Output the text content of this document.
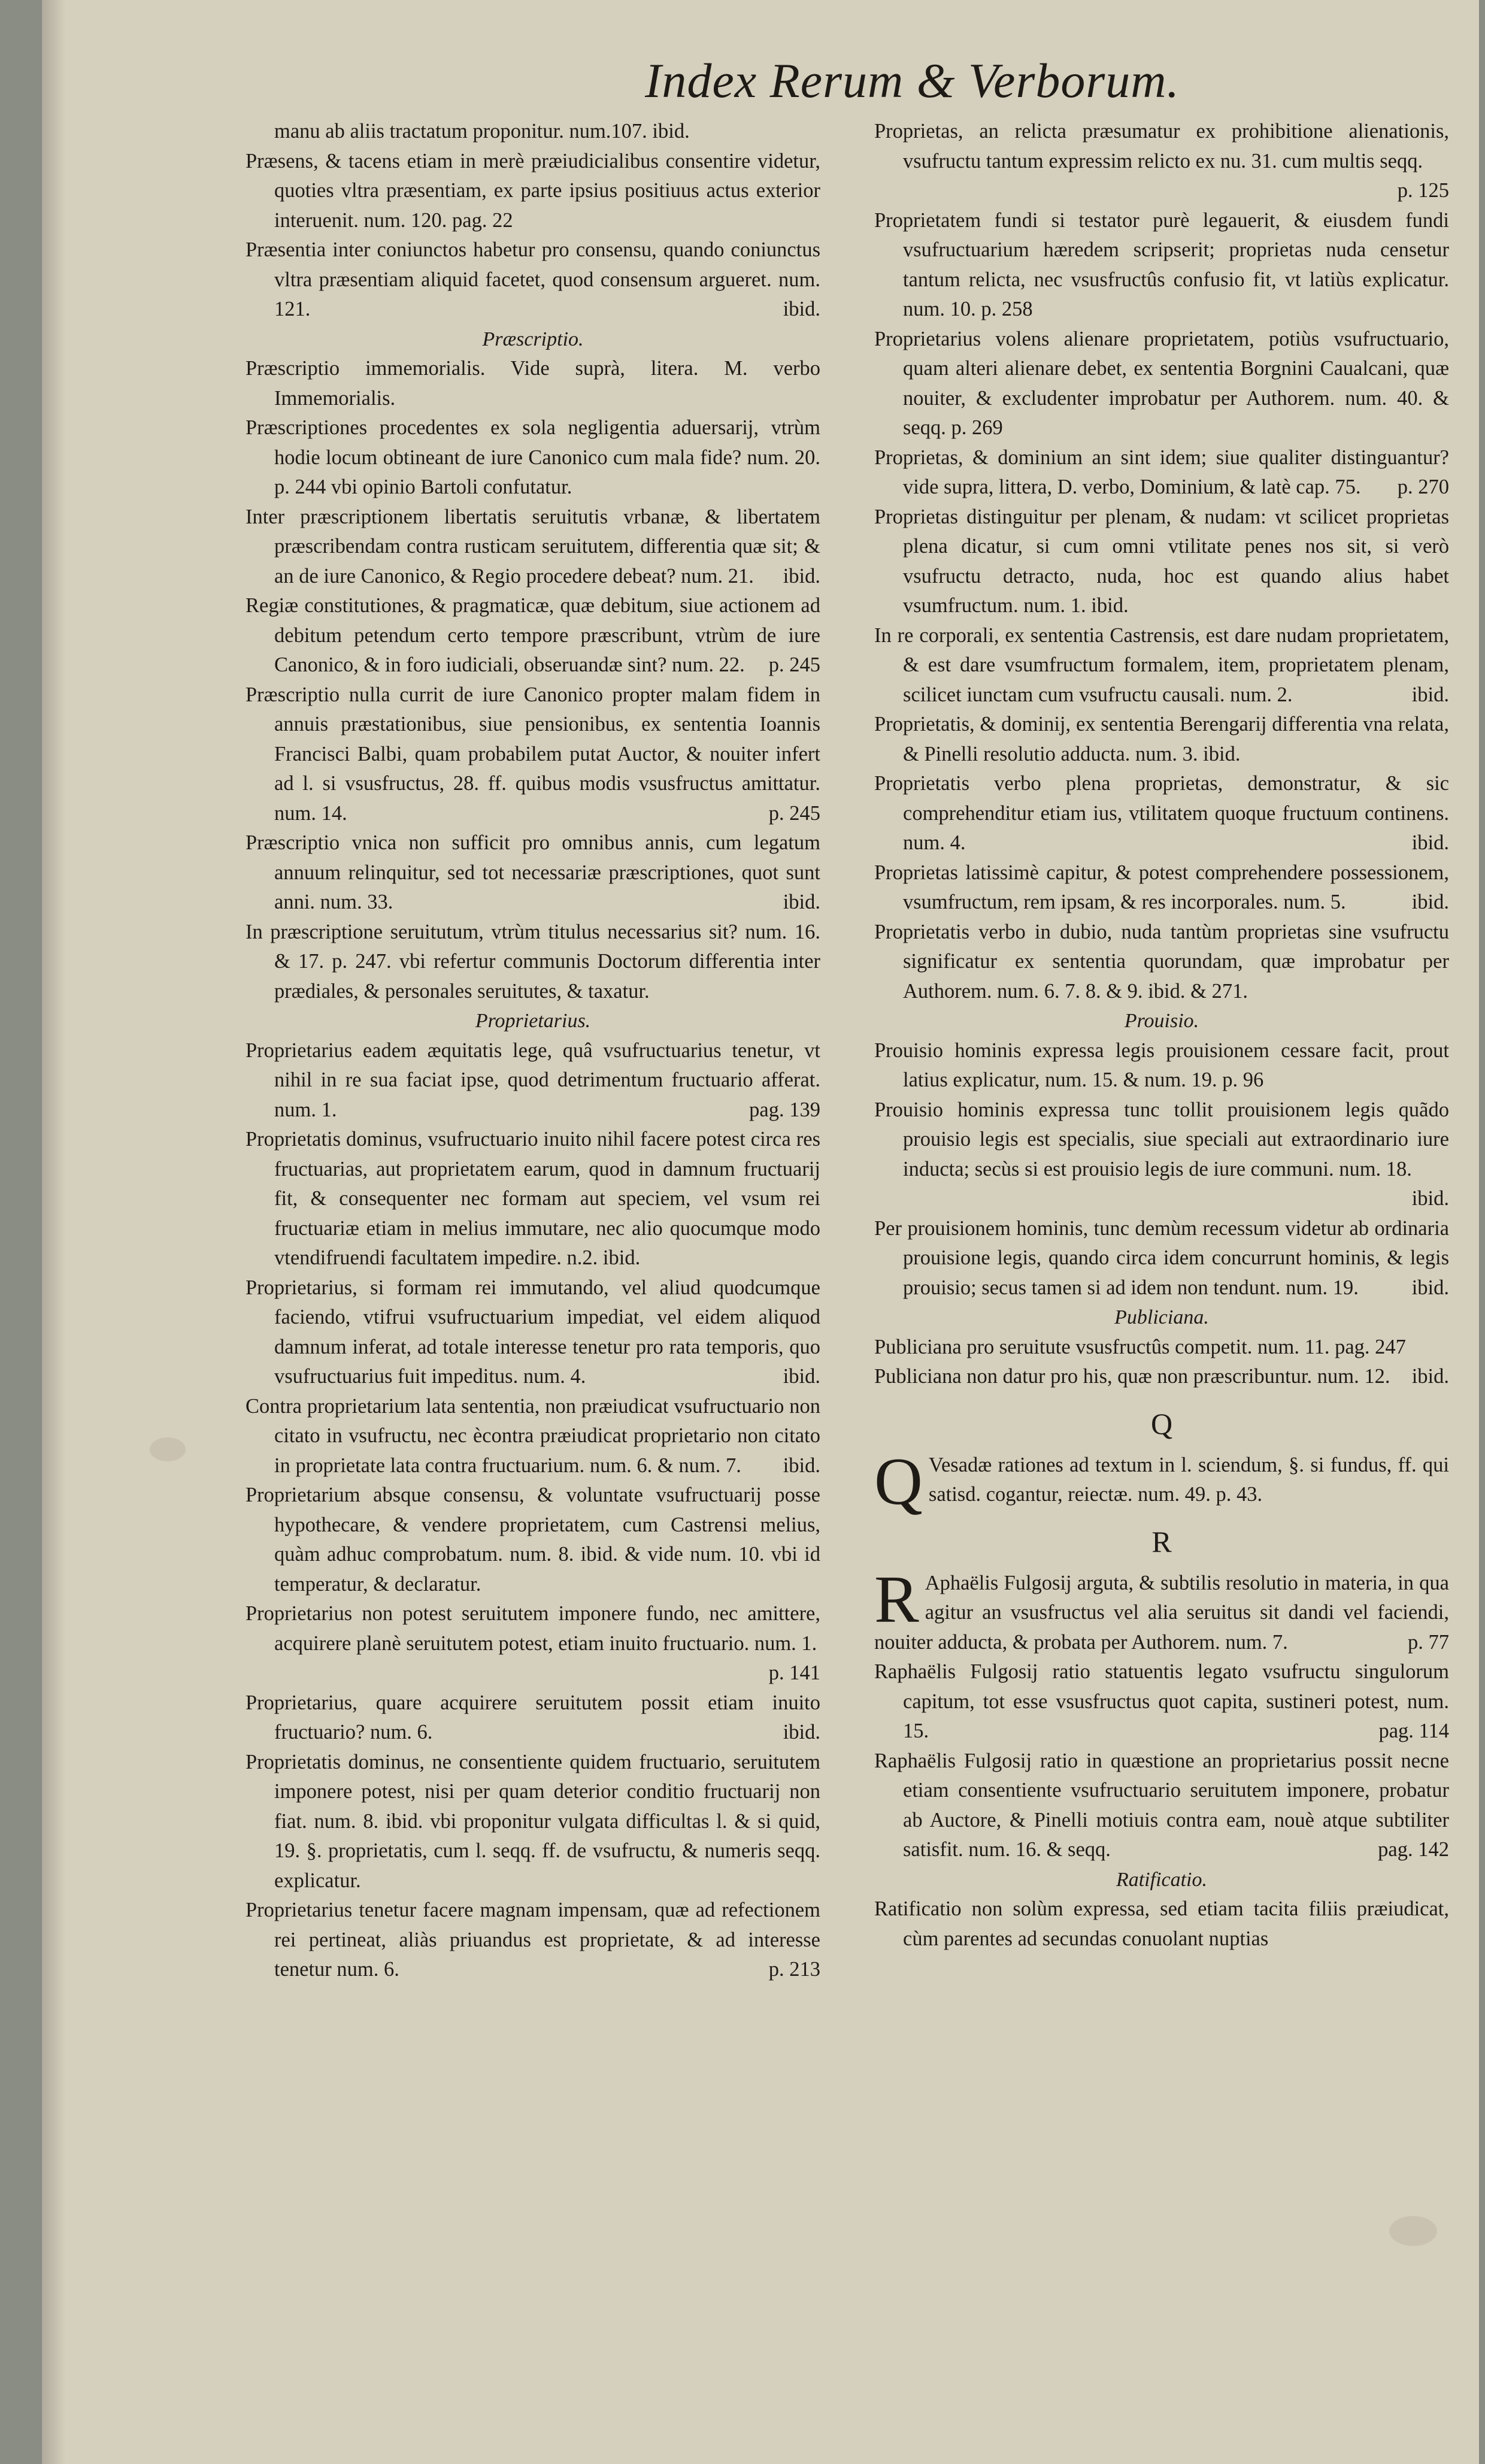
Index Rerum & Verborum.

manu ab aliis tractatum proponitur. num.107. ibid.

Præsens, & tacens etiam in merè præiudicialibus consentire videtur, quoties vltra præsentiam, ex parte ipsius positiuus actus exterior interuenit. num. 120. pag. 22

Præsentia inter coniunctos habetur pro consensu, quando coniunctus vltra præsentiam aliquid facetet, quod consensum argueret. num. 121.	ibid.

Præscriptio.

Præscriptio immemorialis. Vide suprà, litera. M. verbo Immemorialis.

Præscriptiones procedentes ex sola negligentia aduersarij, vtrùm hodie locum obtineant de iure Canonico cum mala fide? num. 20. p. 244 vbi opinio Bartoli confutatur.

Inter præscriptionem libertatis seruitutis vrbanæ, & libertatem præscribendam contra rusticam seruitutem, differentia quæ sit; & an de iure Canonico, & Regio procedere debeat? num. 21.	ibid.

Regiæ constitutiones, & pragmaticæ, quæ debitum, siue actionem ad debitum petendum certo tempore præscribunt, vtrùm de iure Canonico, & in foro iudiciali, obseruandæ sint? num. 22.	p. 245

Præscriptio nulla currit de iure Canonico propter malam fidem in annuis præstationibus, siue pensionibus, ex sententia Ioannis Francisci Balbi, quam probabilem putat Auctor, & nouiter infert ad l. si vsusfructus, 28. ff. quibus modis vsusfructus amittatur. num. 14.	p. 245

Præscriptio vnica non sufficit pro omnibus annis, cum legatum annuum relinquitur, sed tot necessariæ præscriptiones, quot sunt anni. num. 33.	ibid.

In præscriptione seruitutum, vtrùm titulus necessarius sit? num. 16. & 17. p. 247. vbi refertur communis Doctorum differentia inter prædiales, & personales seruitutes, & taxatur.

Proprietarius.

Proprietarius eadem æquitatis lege, quâ vsufructuarius tenetur, vt nihil in re sua faciat ipse, quod detrimentum fructuario afferat. num. 1.	pag. 139

Proprietatis dominus, vsufructuario inuito nihil facere potest circa res fructuarias, aut proprietatem earum, quod in damnum fructuarij fit, & consequenter nec formam aut speciem, vel vsum rei fructuariæ etiam in melius immutare, nec alio quocumque modo vtendifruendi facultatem impedire. n.2. ibid.

Proprietarius, si formam rei immutando, vel aliud quodcumque faciendo, vtifrui vsufructuarium impediat, vel eidem aliquod damnum inferat, ad totale interesse tenetur pro rata temporis, quo vsufructuarius fuit impeditus. num. 4.	ibid.

Contra proprietarium lata sententia, non præiudicat vsufructuario non citato in vsufructu, nec ècontra præiudicat proprietario non citato in proprietate lata contra fructuarium. num. 6. & num. 7.	ibid.

Proprietarium absque consensu, & voluntate vsufructuarij posse hypothecare, & vendere proprietatem, cum Castrensi melius, quàm adhuc comprobatum. num. 8. ibid. & vide num. 10. vbi id temperatur, & declaratur.

Proprietarius non potest seruitutem imponere fundo, nec amittere, acquirere planè seruitutem potest, etiam inuito fructuario. num. 1.
p. 141

Proprietarius, quare acquirere seruitutem possit etiam inuito fructuario? num. 6.	ibid.

Proprietatis dominus, ne consentiente quidem fructuario, seruitutem imponere potest, nisi per quam deterior conditio fructuarij non fiat. num. 8. ibid. vbi proponitur vulgata difficultas l. & si quid, 19. §. proprietatis, cum l. seqq. ff. de vsufructu, & numeris seqq. explicatur.

Proprietarius tenetur facere magnam impensam, quæ ad refectionem rei pertineat, aliàs priuandus est proprietate, & ad interesse tenetur num. 6.	p. 213

Proprietas, an relicta præsumatur ex prohibitione alienationis, vsufructu tantum expressim relicto ex nu. 31. cum multis seqq.
p. 125

Proprietatem fundi si testator purè legauerit, & eiusdem fundi vsufructuarium hæredem scripserit; proprietas nuda censetur tantum relicta, nec vsusfructûs confusio fit, vt latiùs explicatur. num. 10. p. 258

Proprietarius volens alienare proprietatem, potiùs vsufructuario, quam alteri alienare debet, ex sententia Borgnini Caualcani, quæ nouiter, & excludenter improbatur per Authorem. num. 40. & seqq. p. 269

Proprietas, & dominium an sint idem; siue qualiter distinguantur? vide supra, littera, D. verbo, Dominium, & latè cap. 75.	p. 270

Proprietas distinguitur per plenam, & nudam: vt scilicet proprietas plena dicatur, si cum omni vtilitate penes nos sit, si verò vsufructu detracto, nuda, hoc est quando alius habet vsumfructum. num. 1. ibid.

In re corporali, ex sententia Castrensis, est dare nudam proprietatem, & est dare vsumfructum formalem, item, proprietatem plenam, scilicet iunctam cum vsufructu causali. num. 2.	ibid.

Proprietatis, & dominij, ex sententia Berengarij differentia vna relata, & Pinelli resolutio adducta. num. 3. ibid.

Proprietatis verbo plena proprietas, demonstratur, & sic comprehenditur etiam ius, vtilitatem quoque fructuum continens. num. 4.	ibid.

Proprietas latissimè capitur, & potest comprehendere possessionem, vsumfructum, rem ipsam, & res incorporales. num. 5.	ibid.

Proprietatis verbo in dubio, nuda tantùm proprietas sine vsufructu significatur ex sententia quorundam, quæ improbatur per Authorem. num. 6. 7. 8. & 9. ibid. & 271.

Prouisio.

Prouisio hominis expressa legis prouisionem cessare facit, prout latius explicatur, num. 15. & num. 19. p. 96

Prouisio hominis expressa tunc tollit prouisionem legis quãdo prouisio legis est specialis, siue speciali aut extraordinario iure inducta; secùs si est prouisio legis de iure communi. num. 18.
ibid.

Per prouisionem hominis, tunc demùm recessum videtur ab ordinaria prouisione legis, quando circa idem concurrunt hominis, & legis prouisio; secus tamen si ad idem non tendunt. num. 19.	ibid.

Publiciana.

Publiciana pro seruitute vsusfructûs competit. num. 11. pag. 247

Publiciana non datur pro his, quæ non præscribuntur. num. 12.	ibid.

Q

Q Vesadæ rationes ad textum in l. sciendum, §. si fundus, ff. qui satisd. cogantur, reiectæ. num. 49. p. 43.

R

R Aphaëlis Fulgosij arguta, & subtilis resolutio in materia, in qua agitur an vsusfructus vel alia seruitus sit dandi vel faciendi, nouiter adducta, & probata per Authorem. num. 7.	p. 77

Raphaëlis Fulgosij ratio statuentis legato vsufructu singulorum capitum, tot esse vsusfructus quot capita, sustineri potest, num. 15.	pag. 114

Raphaëlis Fulgosij ratio in quæstione an proprietarius possit necne etiam consentiente vsufructuario seruitutem imponere, probatur ab Auctore, & Pinelli motiuis contra eam, nouè atque subtiliter satisfit. num. 16. & seqq.	pag. 142

Ratificatio.

Ratificatio non solùm expressa, sed etiam tacita filiis præiudicat, cùm parentes ad secundas conuolant nuptias
